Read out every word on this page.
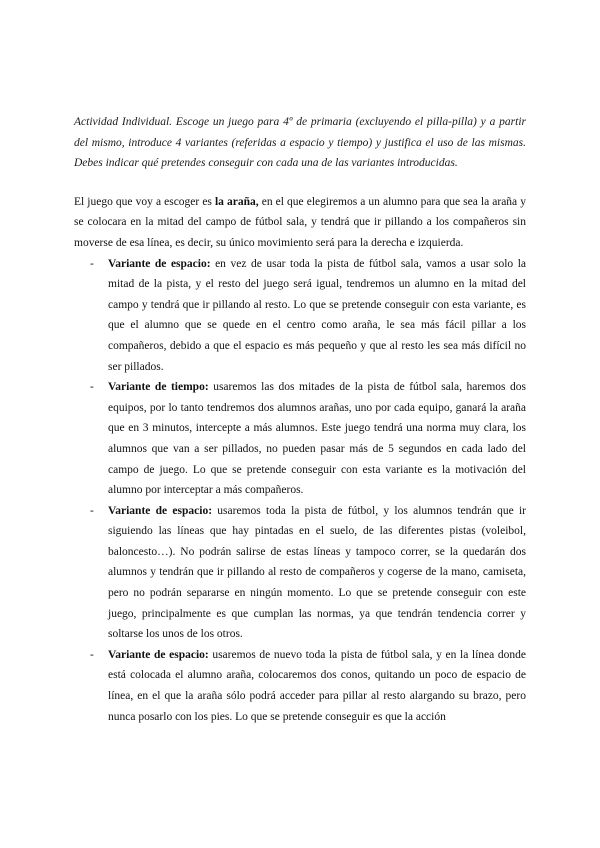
Actividad Individual. Escoge un juego para 4º de primaria (excluyendo el pilla-pilla) y a partir del mismo, introduce 4 variantes (referidas a espacio y tiempo) y justifica el uso de las mismas. Debes indicar qué pretendes conseguir con cada una de las variantes introducidas.

El juego que voy a escoger es la araña, en el que elegiremos a un alumno para que sea la araña y se colocara en la mitad del campo de fútbol sala, y tendrá que ir pillando a los compañeros sin moverse de esa línea, es decir, su único movimiento será para la derecha e izquierda.

- Variante de espacio: en vez de usar toda la pista de fútbol sala, vamos a usar solo la mitad de la pista, y el resto del juego será igual, tendremos un alumno en la mitad del campo y tendrá que ir pillando al resto. Lo que se pretende conseguir con esta variante, es que el alumno que se quede en el centro como araña, le sea más fácil pillar a los compañeros, debido a que el espacio es más pequeño y que al resto les sea más difícil no ser pillados.
- Variante de tiempo: usaremos las dos mitades de la pista de fútbol sala, haremos dos equipos, por lo tanto tendremos dos alumnos arañas, uno por cada equipo, ganará la araña que en 3 minutos, intercepte a más alumnos. Este juego tendrá una norma muy clara, los alumnos que van a ser pillados, no pueden pasar más de 5 segundos en cada lado del campo de juego. Lo que se pretende conseguir con esta variante es la motivación del alumno por interceptar a más compañeros.
- Variante de espacio: usaremos toda la pista de fútbol, y los alumnos tendrán que ir siguiendo las líneas que hay pintadas en el suelo, de las diferentes pistas (voleibol, baloncesto…). No podrán salirse de estas líneas y tampoco correr, se la quedarán dos alumnos y tendrán que ir pillando al resto de compañeros y cogerse de la mano, camiseta, pero no podrán separarse en ningún momento. Lo que se pretende conseguir con este juego, principalmente es que cumplan las normas, ya que tendrán tendencia correr y soltarse los unos de los otros.
- Variante de espacio: usaremos de nuevo toda la pista de fútbol sala, y en la línea donde está colocada el alumno araña, colocaremos dos conos, quitando un poco de espacio de línea, en el que la araña sólo podrá acceder para pillar al resto alargando su brazo, pero nunca posarlo con los pies. Lo que se pretende conseguir es que la acción
